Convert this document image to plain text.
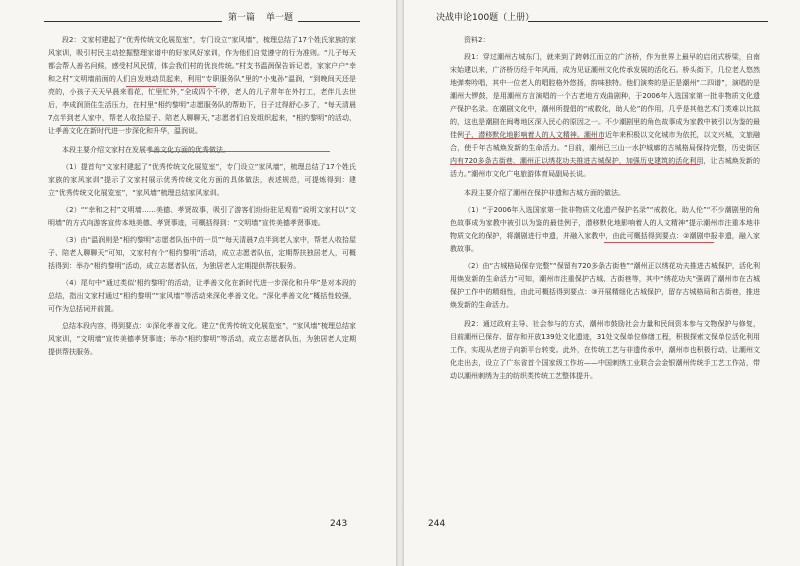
第一篇 单一题

段2：文家村建起了“优秀传统文化展览室”，专门设立“家风墙”，梳理总结了17个姓氏家族的家风家训，吸引村民主动挖掘整理家谱中的好家风好家训，作为他们自觉遵守的行为准则。“儿子每天都会帮人善名问候，感受村风民情，体会我们村的优良传统。”村支书温润保告诉记者，家家户户“幸和之村”文明墙前面的人们自发地动员起来，利用“专职服务队”里的“小鬼孙”温润，“到晚间天还是亮的，小孩子天天早晨来看花，忙里忙外，”全成四个不停，老人的儿子常年在外打工，老伴儿去世后，李成润顶住生活压力，在村里“相约黎明”志愿服务队的帮助下，日子过得舒心多了，“每天清晨7点半到老人家中，帮老人收拾屋子、陪老人聊聊天，”志愿者们自发组织起来，“相约黎明”的活动，让孝善文化在新时代进一步深化和升华，温润说。

本段主要介绍文家村在发展孝善文化方面的优秀做法。

（1）提首句“文家村建起了“优秀传统文化展览室”，专门设立“家风墙”，梳理总结了17个姓氏家族的家风家训”提示了文家村展示优秀传统文化方面的具体做法，表述规范，可提炼得到：建立“优秀传统文化展览室”，“家风墙”梳理总结家风家训。

（2）““幸和之村”文明墙……美德、孝贤故事，吸引了游客们纷纷驻足观看”说明文家村以“文明墙”的方式向游客宣传本地美德、孝贤事迹，可概括得到：“文明墙”宣传美德孝贤事迹。

（3）由“温润则是“相约黎明”志愿者队伍中的一员”“每天清晨7点半到老人家中，帮老人收拾屋子、陪老人聊聊天”可知，文家村有个“相约黎明”活动，成立志愿者队伍，定期帮扶独居老人，可概括得到：举办“相约黎明”活动，成立志愿者队伍，为独居老人定期提供帮扶服务。

（4）尾句中“通过类似‘相约黎明’的活动，让孝善文化在新时代进一步深化和升华”是对本段的总结，指出文家村通过“相约黎明”“家风墙”等活动来深化孝善文化。“深化孝善文化”概括性较强，可作为总括词并前置。

总结本段内容，得到要点：①深化孝善文化。建立“优秀传统文化展览室”，“家风墙”梳理总结家风家训，“文明墙”宣传美德孝贤事迹；举办“相约黎明”等活动，成立志愿者队伍，为独居老人定期提供帮扶服务。

243
决战申论100题（上册）

资料2：

段1：穿过潮州古城东门，就来到了跨韩江而立的广济桥，作为世界上最早的启闭式桥梁，自南宋始建以来，广济桥历经千年风雨，成为见证潮州文化传承发展的活化石。桥头街下，几位老人悠然地弹奏吟唱，其中一位老人的唱腔格外悠扬，韵味独特。他们演奏的是正是潮州“二四谱”，演唱的是潮州大锣鼓，是用潮州方言演唱的一个古老地方戏曲剧种，于2006年入选国家第一批非物质文化遗产保护名录。在潮剧文化中，潮州所提倡的“戒救化，助人伦”的作用，几乎是其他艺术门类难以比拟的，这也是潮剧在闽粤地区深入民心的原因之一。不少潮剧里的角色故事成为家教中被引以为鉴的最佳例子，潜移默化地影响着人的人文精神。潮州市近年来积极以文化城市为依托，以文兴城，文旅融合，使千年古城焕发新的生命活力。“目前，潮州已三山一水护城廓的古城格局保持完整，历史街区内有720多条古街巷，潮州正以绣花功夫推进古城保护，加强历史建筑的活化利用，让古城焕发新的活力。”潮州市文化广电旅游体育局副局长说。

本段主要介绍了潮州在保护非遗和古城方面的做法。

（1）“于2006年入选国家第一批非物质文化遗产保护名录”“戒救化，助人伦”“不少潮剧里的角色故事成为家教中被引以为鉴的最佳例子，潜移默化地影响着人的人文精神”提示潮州市注重本地非物质文化的保护，将潮剧进行申遗，并融入家教中，由此可概括得到要点：②潮剧申报非遗，融入家教故事。

（2）由“古城格局保存完整”“保留有720多条古街巷”“潮州正以绣花功夫推进古城保护，活化利用焕发新的生命活力”可知，潮州市注重保护古城、古街巷等，其中“绣花功夫”强调了潮州市在古城保护工作中的精细性，由此可概括得到要点：③开展精细化古城保护，留存古城格局和古街巷，推进焕发新的生命活力。

段2：通过政府主导、社会参与的方式，潮州市鼓励社会力量和民间资本参与文物保护与修复，目前潮州已保存、留存和开放139处文化遗迹，31处文保单位修缮工程，积极探索文保单位活化利用工作，实现从老房子向新平台转变。此外，在传统工艺与非遗传承中，潮州市也积极行动，让潮州文化走出去，设立了广东省首个国家级工作坊——中国刺绣工业联合会金银潮州传统手工艺工作站，带动以潮州刺绣为主的纺织类传统工艺整体提升。

244
